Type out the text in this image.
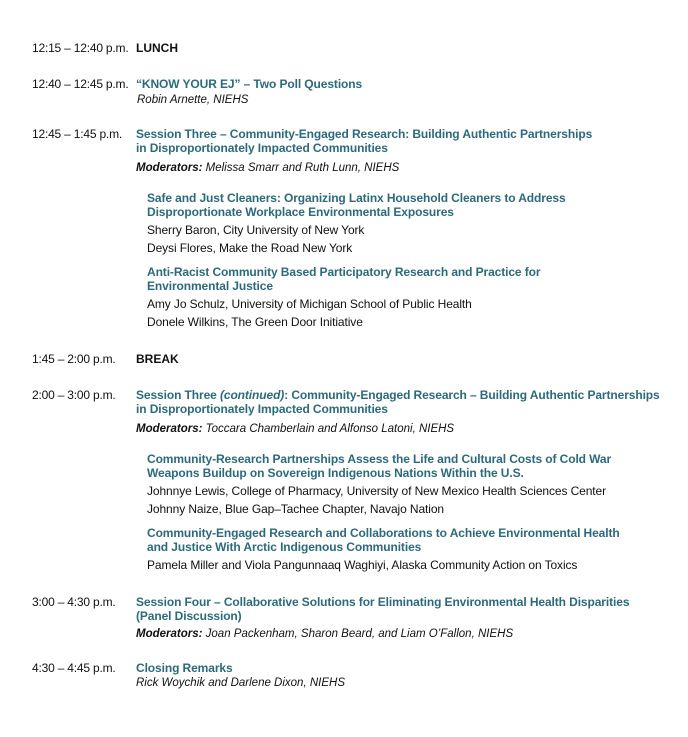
12:15 – 12:40 p.m. LUNCH
12:40 – 12:45 p.m. “KNOW YOUR EJ” – Two Poll Questions
Robin Arnette, NIEHS
12:45 – 1:45 p.m. Session Three – Community-Engaged Research: Building Authentic Partnerships
in Disproportionately Impacted Communities
Moderators: Melissa Smarr and Ruth Lunn, NIEHS
Safe and Just Cleaners: Organizing Latinx Household Cleaners to Address
Disproportionate Workplace Environmental Exposures
Sherry Baron, City University of New York
Deysi Flores, Make the Road New York
Anti-Racist Community Based Participatory Research and Practice for
Environmental Justice
Amy Jo Schulz, University of Michigan School of Public Health
Donele Wilkins, The Green Door Initiative
1:45 – 2:00 p.m. BREAK
2:00 – 3:00 p.m. Session Three (continued): Community-Engaged Research – Building Authentic Partnerships
in Disproportionately Impacted Communities
Moderators: Toccara Chamberlain and Alfonso Latoni, NIEHS
Community-Research Partnerships Assess the Life and Cultural Costs of Cold War
Weapons Buildup on Sovereign Indigenous Nations Within the U.S.
Johnnye Lewis, College of Pharmacy, University of New Mexico Health Sciences Center
Johnny Naize, Blue Gap–Tachee Chapter, Navajo Nation
Community-Engaged Research and Collaborations to Achieve Environmental Health
and Justice With Arctic Indigenous Communities
Pamela Miller and Viola Pangunnaaq Waghiyi, Alaska Community Action on Toxics
3:00 – 4:30 p.m. Session Four – Collaborative Solutions for Eliminating Environmental Health Disparities
(Panel Discussion)
Moderators: Joan Packenham, Sharon Beard, and Liam O’Fallon, NIEHS
4:30 – 4:45 p.m. Closing Remarks
Rick Woychik and Darlene Dixon, NIEHS
